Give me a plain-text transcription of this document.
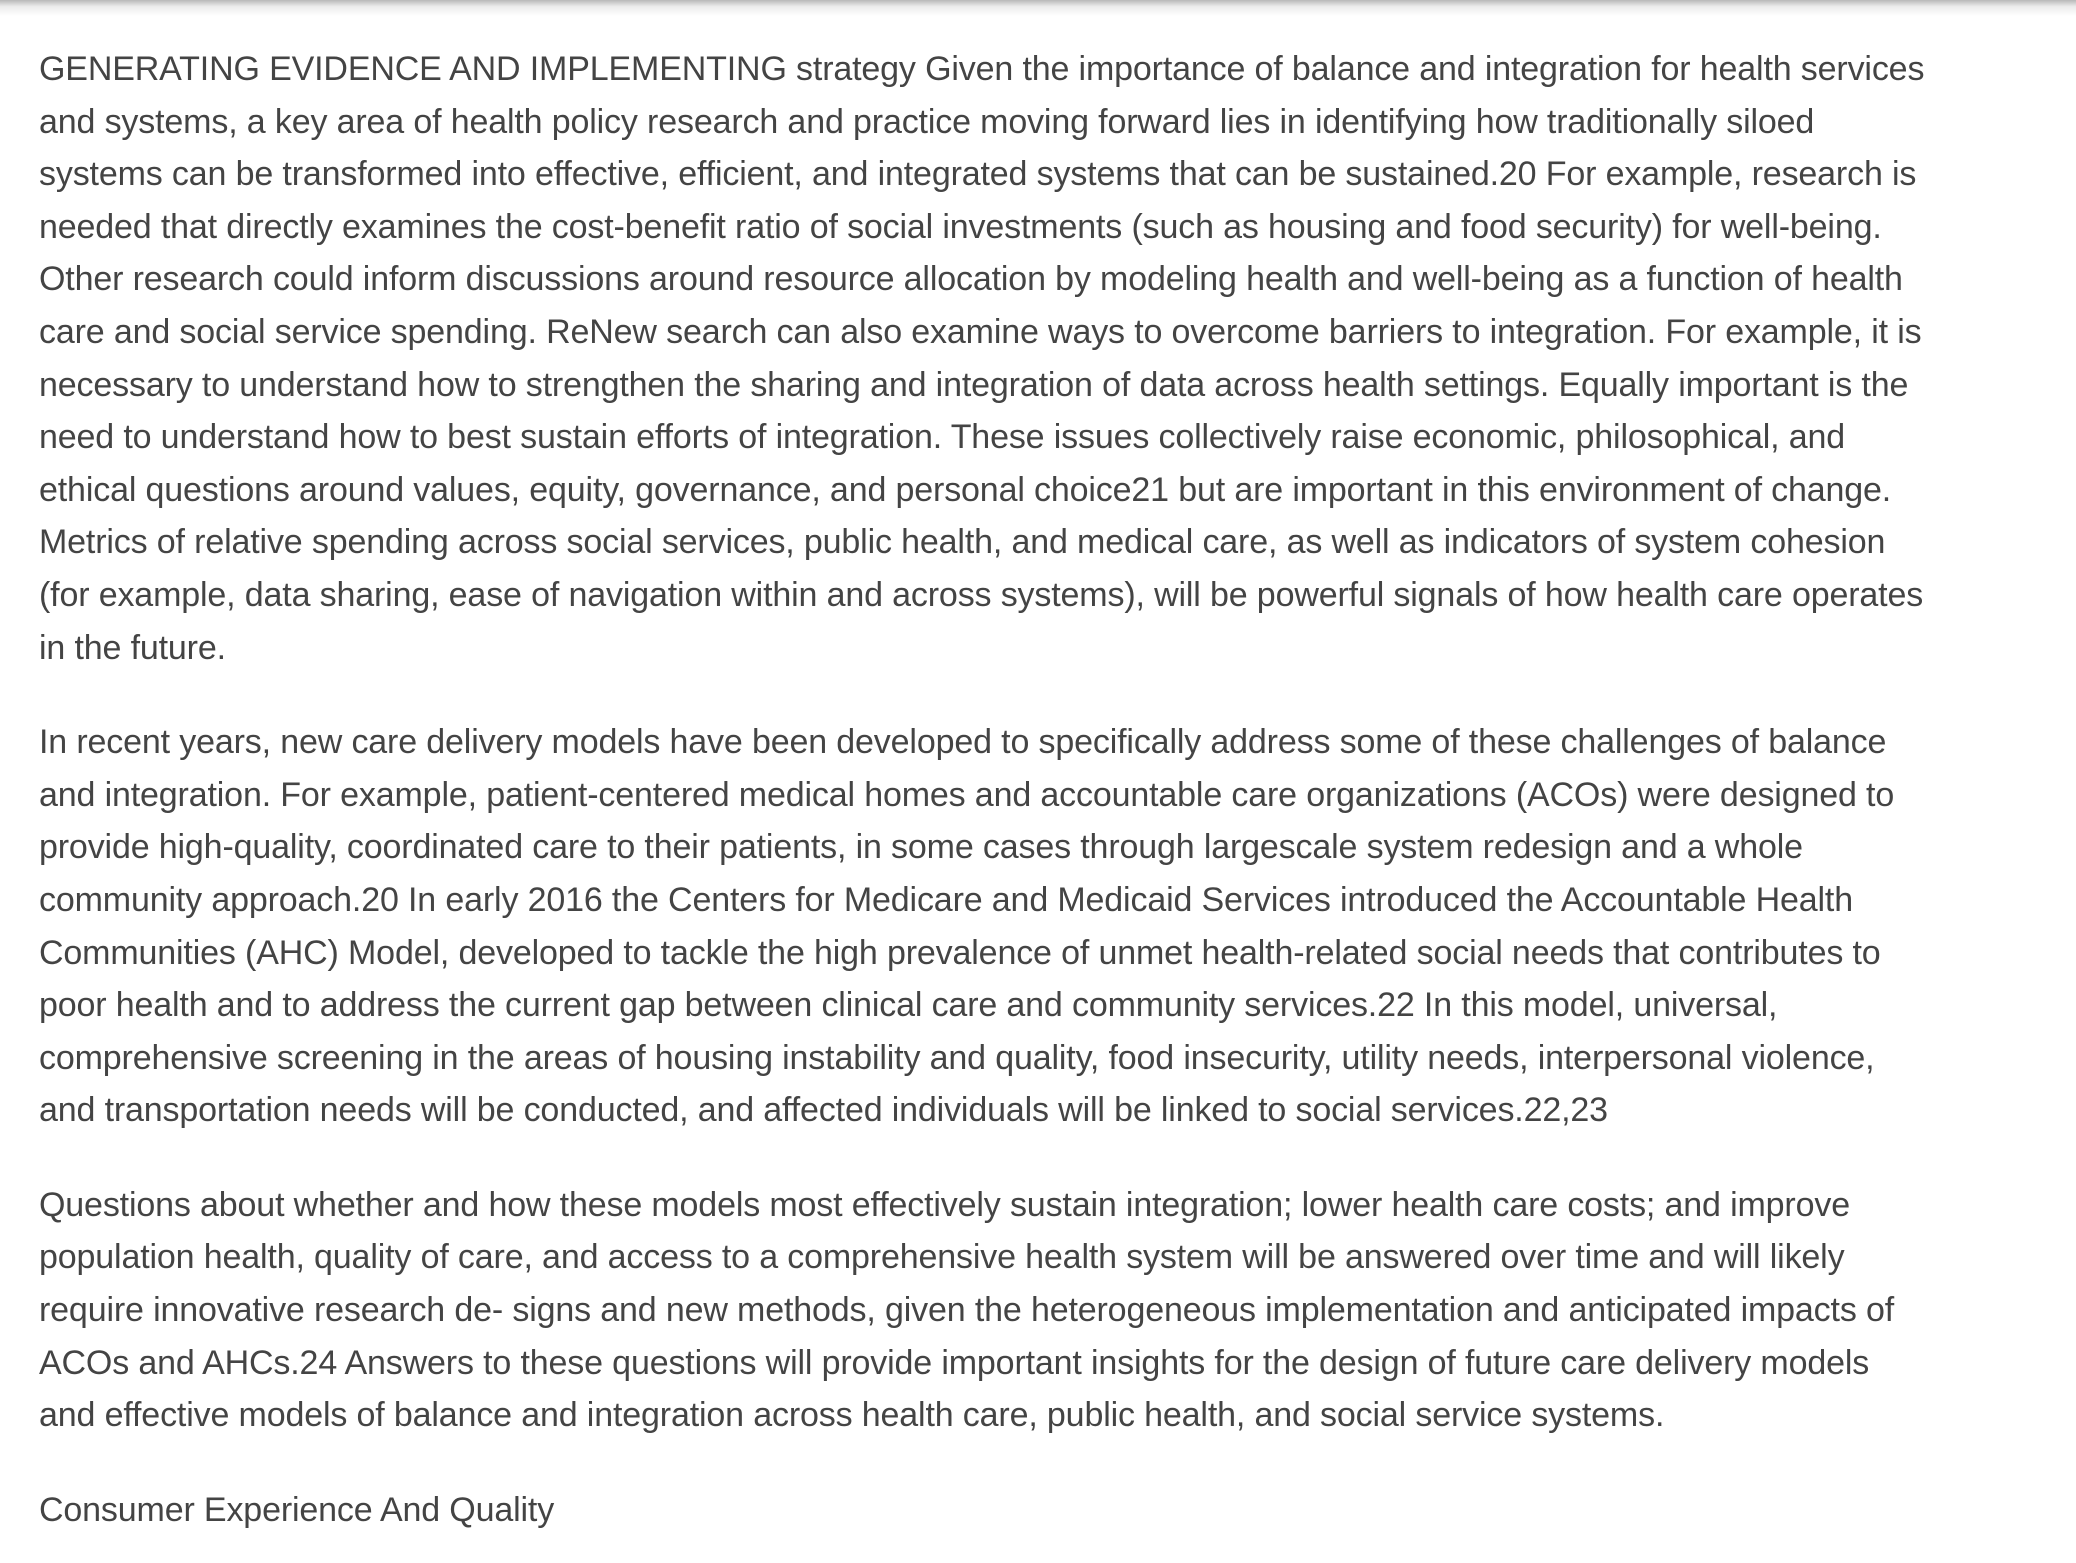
GENERATING EVIDENCE AND IMPLEMENTING strategy Given the importance of balance and integration for health services
and systems, a key area of health policy research and practice moving forward lies in identifying how traditionally siloed
systems can be transformed into effective, efficient, and integrated systems that can be sustained.20 For example, research is
needed that directly examines the cost-benefit ratio of social investments (such as housing and food security) for well-being.
Other research could inform discussions around resource allocation by modeling health and well-being as a function of health
care and social service spending. ReNew search can also examine ways to overcome barriers to integration. For example, it is
necessary to understand how to strengthen the sharing and integration of data across health settings. Equally important is the
need to understand how to best sustain efforts of integration. These issues collectively raise economic, philosophical, and
ethical questions around values, equity, governance, and personal choice21 but are important in this environment of change.
Metrics of relative spending across social services, public health, and medical care, as well as indicators of system cohesion
(for example, data sharing, ease of navigation within and across systems), will be powerful signals of how health care operates
in the future.

In recent years, new care delivery models have been developed to specifically address some of these challenges of balance
and integration. For example, patient-centered medical homes and accountable care organizations (ACOs) were designed to
provide high-quality, coordinated care to their patients, in some cases through largescale system redesign and a whole
community approach.20 In early 2016 the Centers for Medicare and Medicaid Services introduced the Accountable Health
Communities (AHC) Model, developed to tackle the high prevalence of unmet health-related social needs that contributes to
poor health and to address the current gap between clinical care and community services.22 In this model, universal,
comprehensive screening in the areas of housing instability and quality, food insecurity, utility needs, interpersonal violence,
and transportation needs will be conducted, and affected individuals will be linked to social services.22,23

Questions about whether and how these models most effectively sustain integration; lower health care costs; and improve
population health, quality of care, and access to a comprehensive health system will be answered over time and will likely
require innovative research de- signs and new methods, given the heterogeneous implementation and anticipated impacts of
ACOs and AHCs.24 Answers to these questions will provide important insights for the design of future care delivery models
and effective models of balance and integration across health care, public health, and social service systems.

Consumer Experience And Quality
